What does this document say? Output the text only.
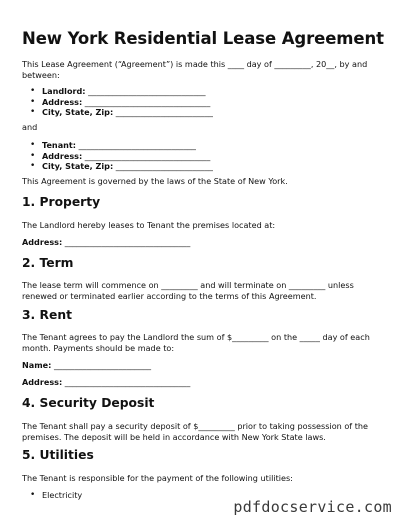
New York Residential Lease Agreement

This Lease Agreement (“Agreement”) is made this ____ day of _________, 20__, by and between:

• Landlord: _____________________________
• Address: _______________________________
• City, State, Zip: ________________________

and

• Tenant: _____________________________
• Address: _______________________________
• City, State, Zip: ________________________

This Agreement is governed by the laws of the State of New York.

1. Property

The Landlord hereby leases to Tenant the premises located at:

Address: _______________________________

2. Term

The lease term will commence on _________ and will terminate on _________ unless renewed or terminated earlier according to the terms of this Agreement.

3. Rent

The Tenant agrees to pay the Landlord the sum of $_________ on the _____ day of each month. Payments should be made to:

Name: ________________________

Address: _______________________________

4. Security Deposit

The Tenant shall pay a security deposit of $_________ prior to taking possession of the premises. The deposit will be held in accordance with New York State laws.

5. Utilities

The Tenant is responsible for the payment of the following utilities:

• Electricity
pdfdocservice.com
